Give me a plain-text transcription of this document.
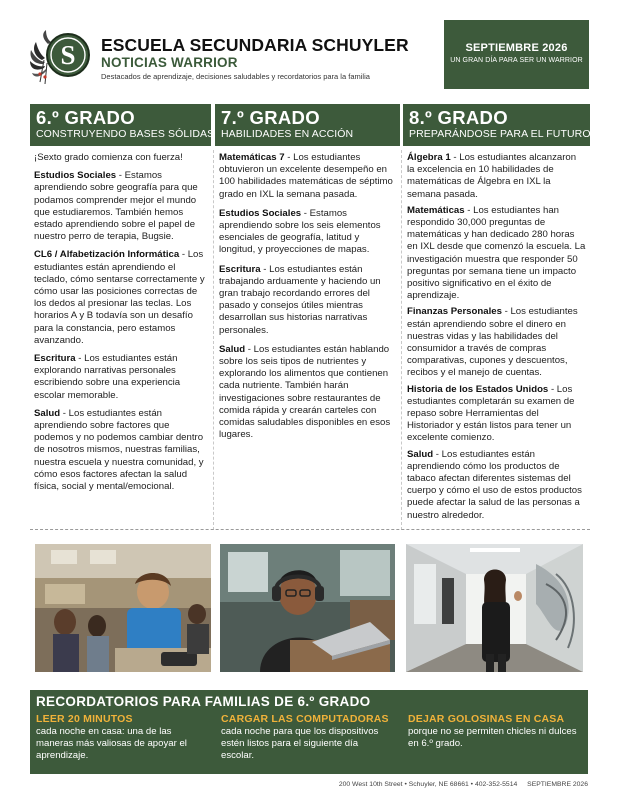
S ESCUELA SECUNDARIA SCHUYLER
NOTICIAS WARRIOR
Destacados de aprendizaje, decisiones saludables y recordatorios para la familia
SEPTIEMBRE 2026
UN GRAN DÍA PARA SER UN WARRIOR
6.º GRADO
CONSTRUYENDO BASES SÓLIDAS

¡Sexto grado comienza con fuerza!

Estudios Sociales - Estamos aprendiendo sobre geografía para que podamos comprender mejor el mundo que estudiaremos. También hemos estado aprendiendo sobre el papel de nuestro perro de terapia, Bugsie.

CL6 / Alfabetización Informática - Los estudiantes están aprendiendo el teclado, cómo sentarse correctamente y cómo usar las posiciones correctas de los dedos al presionar las teclas. Los horarios A y B todavía son un desafío para la constancia, pero estamos avanzando.

Escritura - Los estudiantes están explorando narrativas personales escribiendo sobre una experiencia escolar memorable.

Salud - Los estudiantes están aprendiendo sobre factores que podemos y no podemos cambiar dentro de nosotros mismos, nuestras familias, nuestra escuela y nuestra comunidad, y cómo esos factores afectan la salud física, social y mental/emocional.

7.º GRADO
HABILIDADES EN ACCIÓN

Matemáticas 7 - Los estudiantes obtuvieron un excelente desempeño en 100 habilidades matemáticas de séptimo grado en IXL la semana pasada.

Estudios Sociales - Estamos aprendiendo sobre los seis elementos esenciales de geografía, latitud y longitud, y proyecciones de mapas.

Escritura - Los estudiantes están trabajando arduamente y haciendo un gran trabajo recordando errores del pasado y consejos útiles mientras desarrollan sus historias narrativas personales.

Salud - Los estudiantes están hablando sobre los seis tipos de nutrientes y explorando los alimentos que contienen cada nutriente. También harán investigaciones sobre restaurantes de comida rápida y crearán carteles con comidas saludables disponibles en esos lugares.

8.º GRADO
PREPARÁNDOSE PARA EL FUTURO

Álgebra 1 - Los estudiantes alcanzaron la excelencia en 10 habilidades de matemáticas de Álgebra en IXL la semana pasada.

Matemáticas - Los estudiantes han respondido 30,000 preguntas de matemáticas y han dedicado 280 horas en IXL desde que comenzó la escuela. La investigación muestra que responder 50 preguntas por semana tiene un impacto positivo significativo en el éxito de aprendizaje.

Finanzas Personales - Los estudiantes están aprendiendo sobre el dinero en nuestras vidas y las habilidades del consumidor a través de compras comparativas, cupones y descuentos, recibos y el manejo de cuentas.

Historia de los Estados Unidos - Los estudiantes completarán su examen de repaso sobre Herramientas del Historiador y están listos para tener un excelente comienzo.

Salud - Los estudiantes están aprendiendo cómo los productos de tabaco afectan diferentes sistemas del cuerpo y cómo el uso de estos productos puede afectar la salud de las personas a nuestro alrededor.

RECORDATORIOS PARA FAMILIAS DE 6.º GRADO
LEER 20 MINUTOS
cada noche en casa: una de las maneras más valiosas de apoyar el aprendizaje.
CARGAR LAS COMPUTADORAS
cada noche para que los dispositivos estén listos para el siguiente día escolar.
DEJAR GOLOSINAS EN CASA
porque no se permiten chicles ni dulces en 6.º grado.
200 West 10th Street • Schuyler, NE 68661 • 402-352-5514 SEPTIEMBRE 2026
